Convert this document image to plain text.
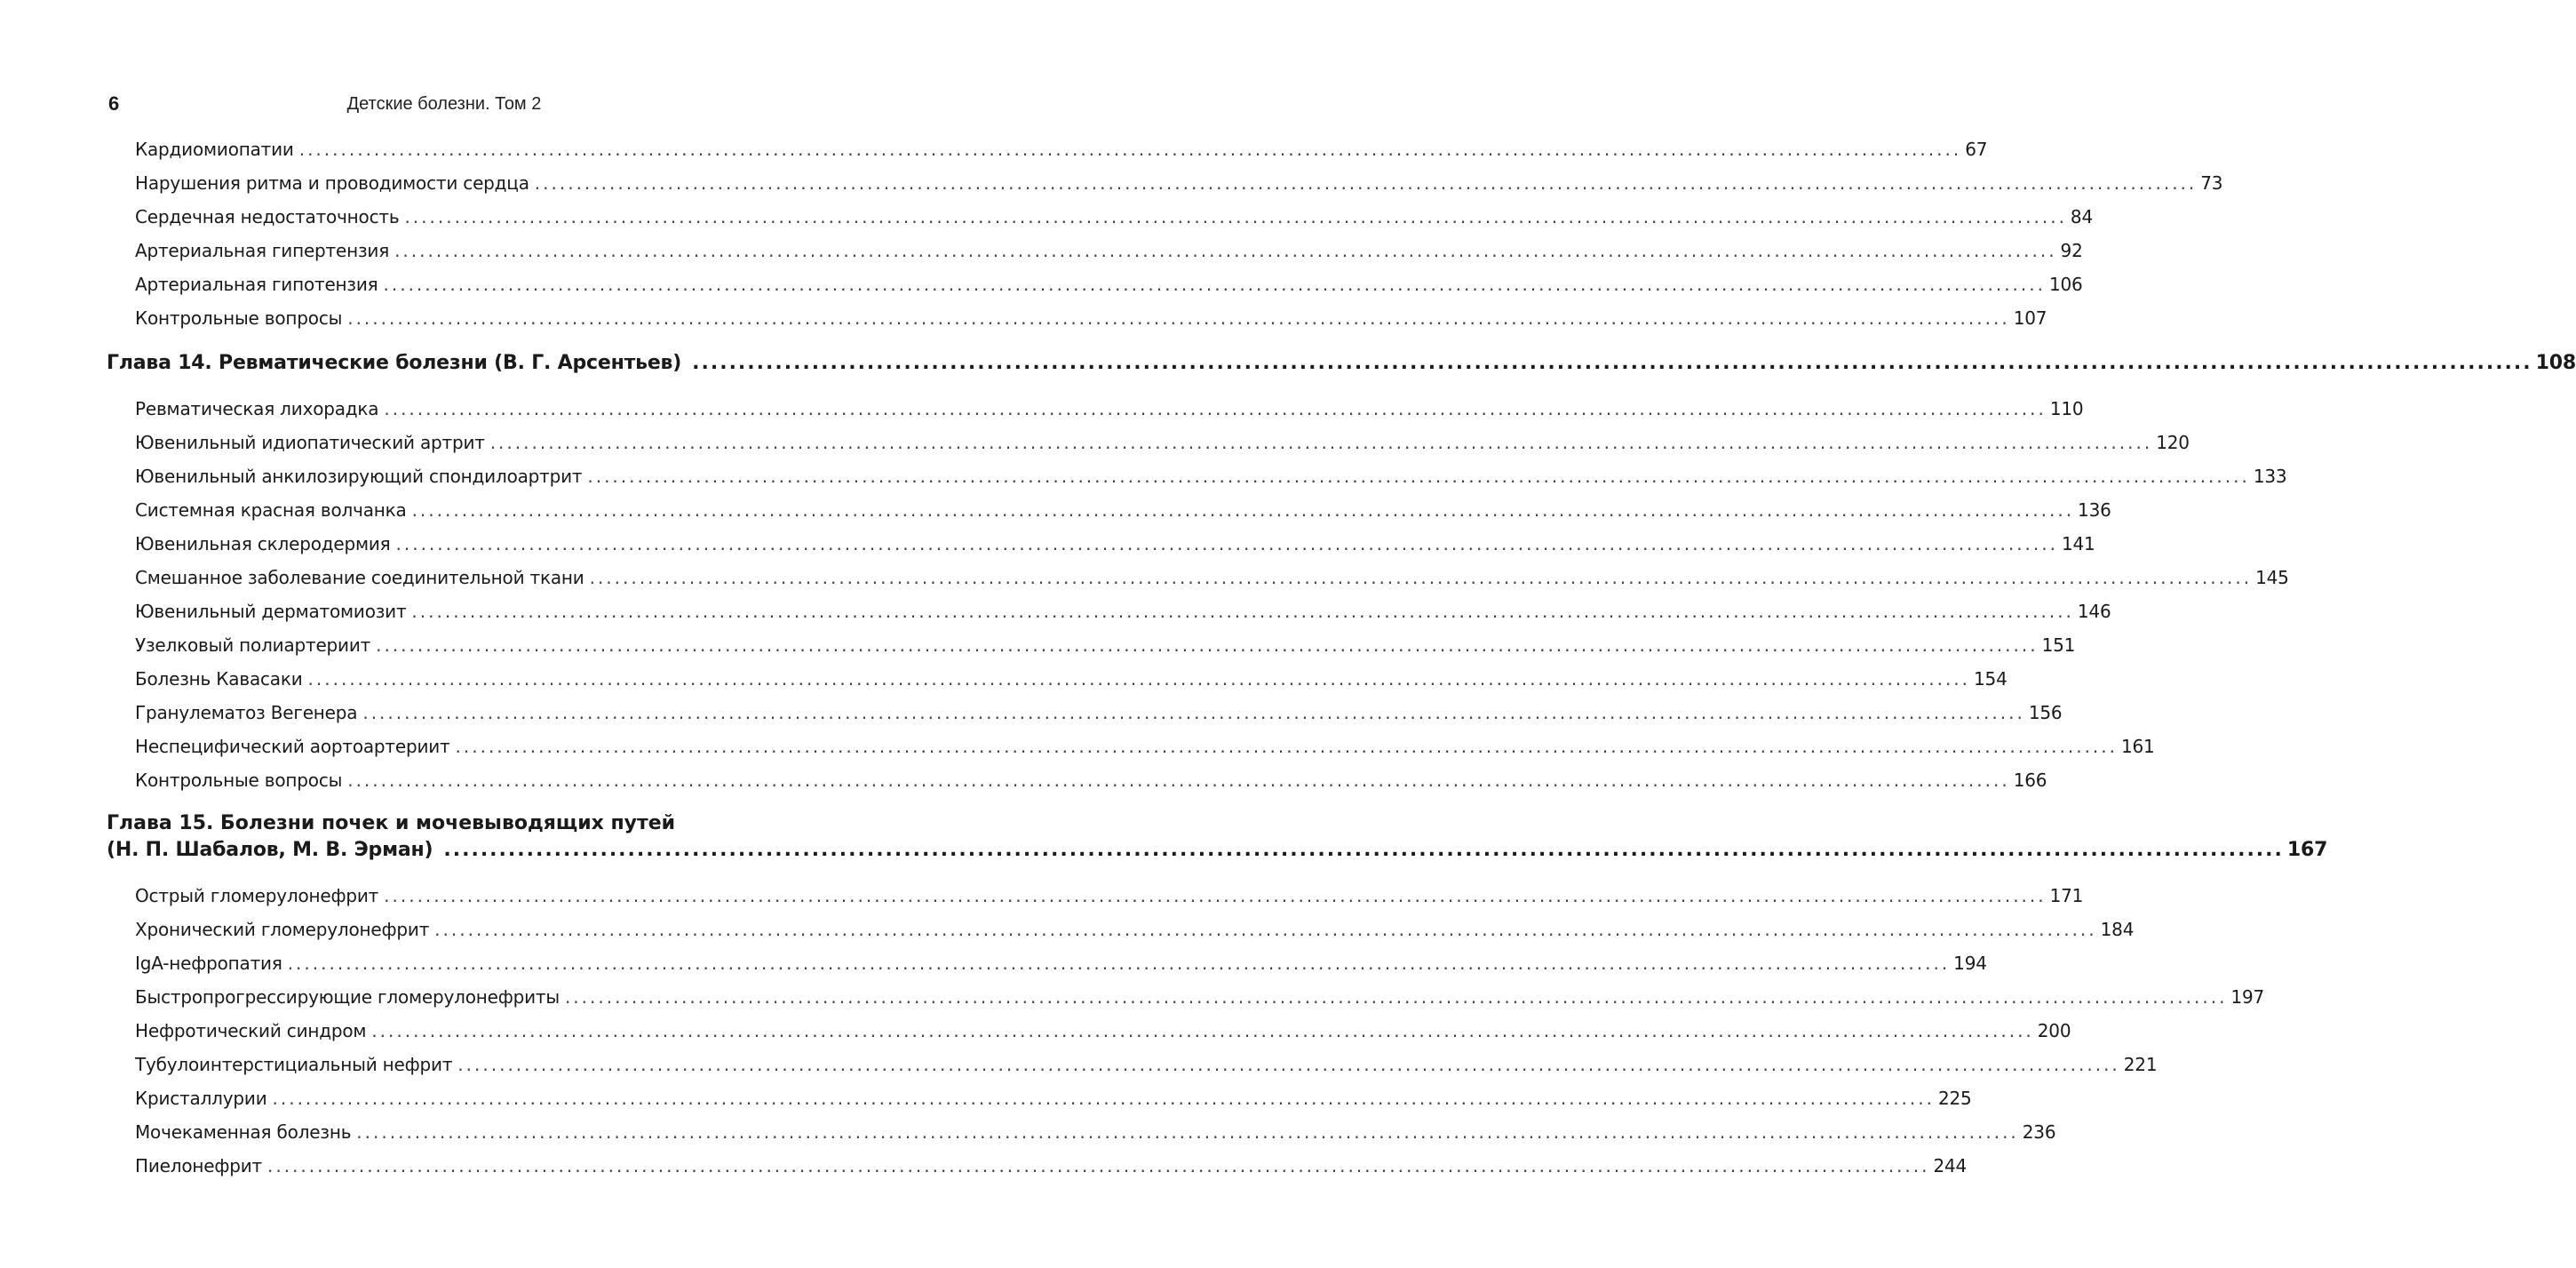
6	Детские болезни. Том 2
Кардиомиопатии ........................................................................................................................................................................................................ 67
Нарушения ритма и проводимости сердца ........................................................................................................................................................................................................ 73
Сердечная недостаточность ........................................................................................................................................................................................................ 84
Артериальная гипертензия ........................................................................................................................................................................................................ 92
Артериальная гипотензия ........................................................................................................................................................................................................ 106
Контрольные вопросы ........................................................................................................................................................................................................ 107
Глава 14. Ревматические болезни (В. Г. Арсентьев) ........................................................................................................................................................................................................ 108
Ревматическая лихорадка ........................................................................................................................................................................................................ 110
Ювенильный идиопатический артрит ........................................................................................................................................................................................................ 120
Ювенильный анкилозирующий спондилоартрит ........................................................................................................................................................................................................ 133
Системная красная волчанка ........................................................................................................................................................................................................ 136
Ювенильная склеродермия ........................................................................................................................................................................................................ 141
Смешанное заболевание соединительной ткани ........................................................................................................................................................................................................ 145
Ювенильный дерматомиозит ........................................................................................................................................................................................................ 146
Узелковый полиартериит ........................................................................................................................................................................................................ 151
Болезнь Кавасаки ........................................................................................................................................................................................................ 154
Гранулематоз Вегенера ........................................................................................................................................................................................................ 156
Неспецифический аортоартериит ........................................................................................................................................................................................................ 161
Контрольные вопросы ........................................................................................................................................................................................................ 166
Глава 15. Болезни почек и мочевыводящих путей
(Н. П. Шабалов, М. В. Эрман) ........................................................................................................................................................................................................ 167
Острый гломерулонефрит ........................................................................................................................................................................................................ 171
Хронический гломерулонефрит ........................................................................................................................................................................................................ 184
IgA-нефропатия ........................................................................................................................................................................................................ 194
Быстропрогрессирующие гломерулонефриты ........................................................................................................................................................................................................ 197
Нефротический синдром ........................................................................................................................................................................................................ 200
Тубулоинтерстициальный нефрит ........................................................................................................................................................................................................ 221
Кристаллурии ........................................................................................................................................................................................................ 225
Мочекаменная болезнь ........................................................................................................................................................................................................ 236
Пиелонефрит ........................................................................................................................................................................................................ 244
